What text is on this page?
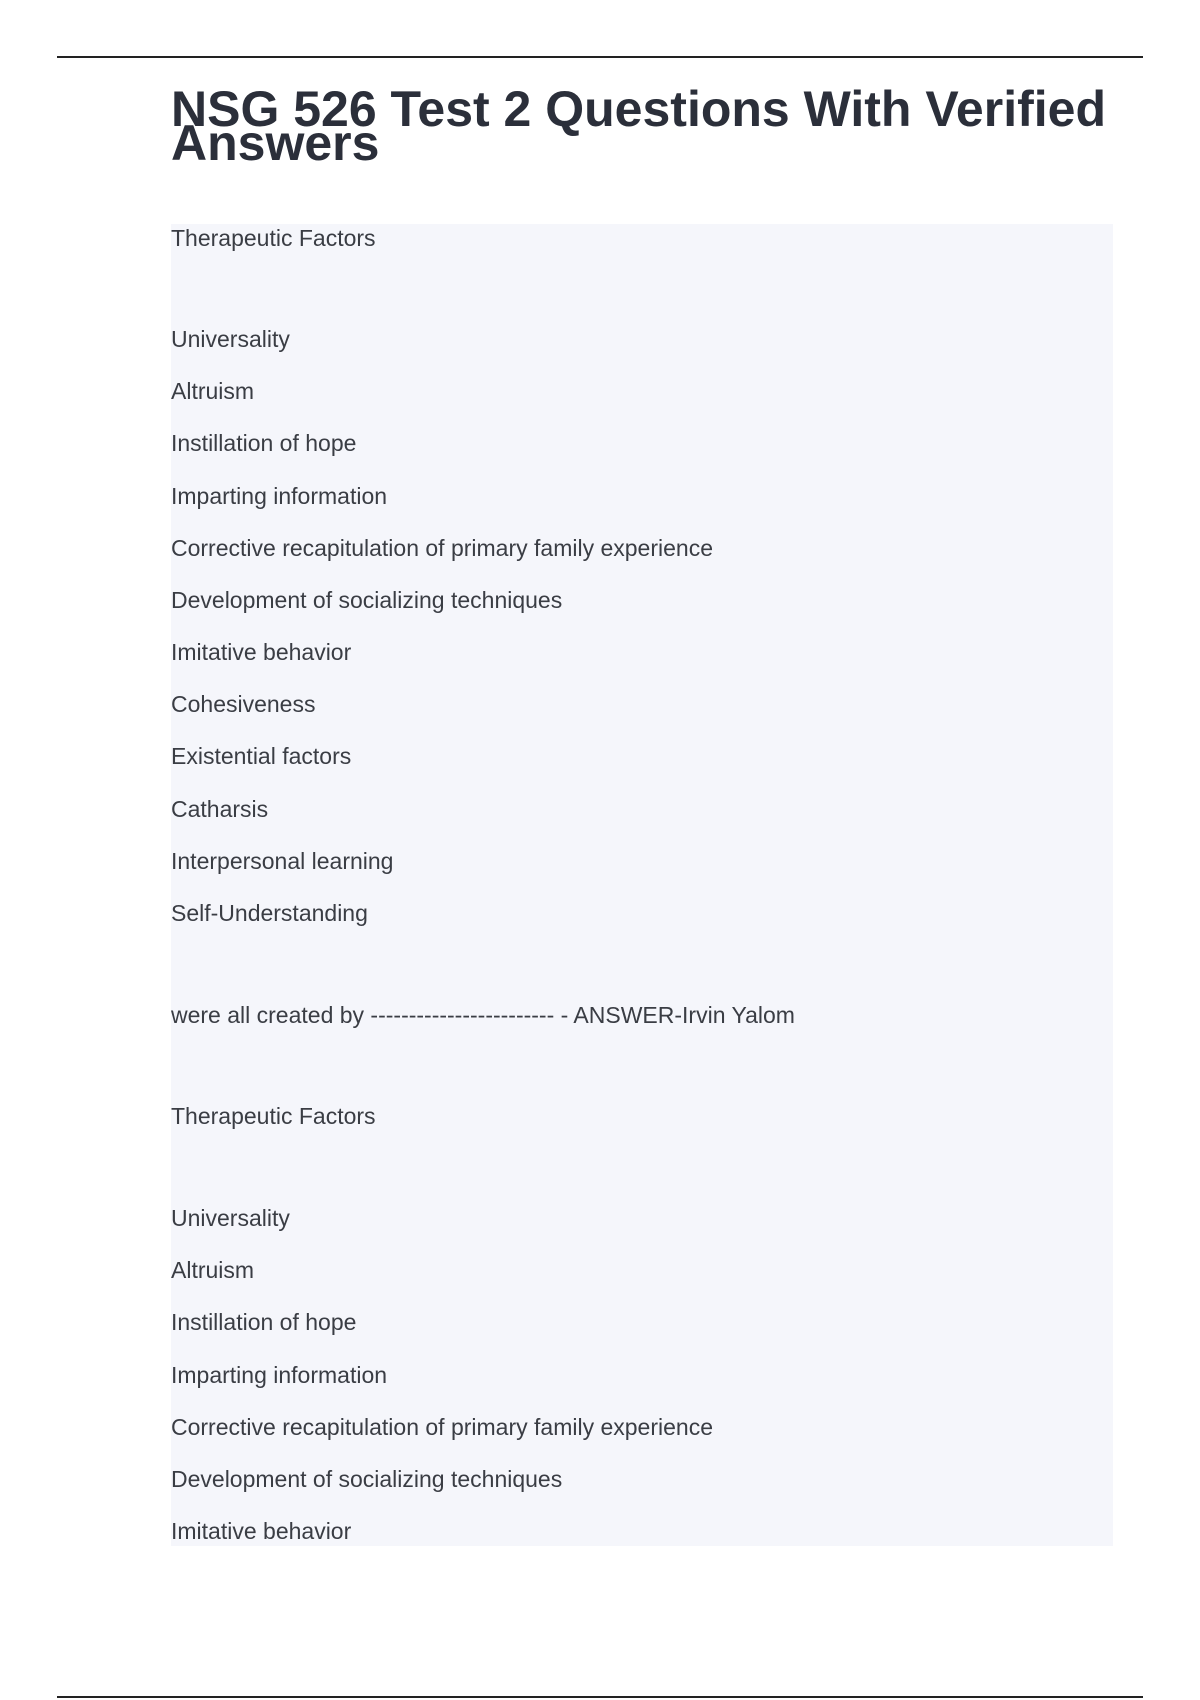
NSG 526 Test 2 Questions With Verified Answers
Therapeutic Factors
Universality
Altruism
Instillation of hope
Imparting information
Corrective recapitulation of primary family experience
Development of socializing techniques
Imitative behavior
Cohesiveness
Existential factors
Catharsis
Interpersonal learning
Self-Understanding
were all created by ------------------------ - ANSWER-Irvin Yalom
Therapeutic Factors
Universality
Altruism
Instillation of hope
Imparting information
Corrective recapitulation of primary family experience
Development of socializing techniques
Imitative behavior
